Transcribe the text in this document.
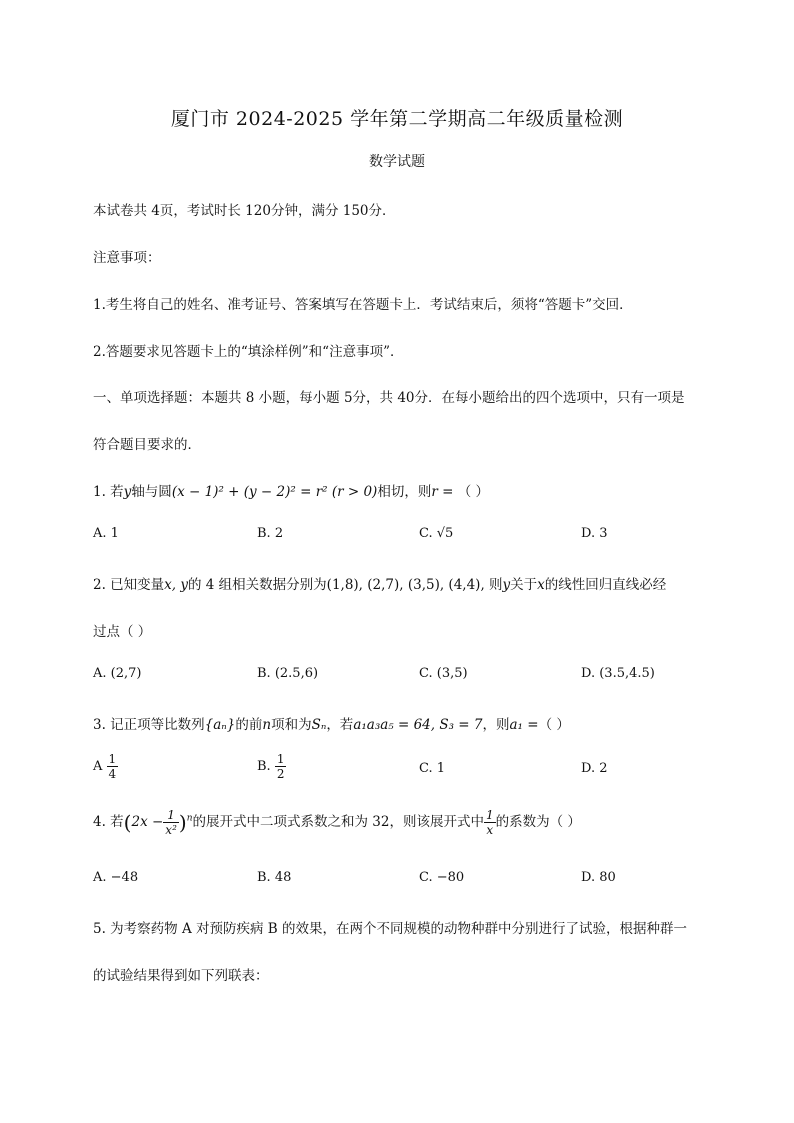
厦门市 2024-2025 学年第二学期高二年级质量检测
数学试题
本试卷共 4页，考试时长 120分钟，满分 150分．
注意事项：
1.考生将自己的姓名、准考证号、答案填写在答题卡上．考试结束后，须将“答题卡”交回．
2.答题要求见答题卡上的“填涂样例”和“注意事项”．
一、单项选择题：本题共 8 小题，每小题 5分，共 40分．在每小题给出的四个选项中，只有一项是
符合题目要求的．
1. 若y轴与圆(x − 1)² + (y − 2)² = r² (r > 0)相切，则r = （ ）
A. 1	B. 2	C. √5	D. 3
2. 已知变量x, y的 4 组相关数据分别为(1,8), (2,7), (3,5), (4,4), 则y关于x的线性回归直线必经
过点（ ）
A. (2,7)	B. (2.5,6)	C. (3,5)	D. (3.5,4.5)
3. 记正项等比数列{aₙ}的前n项和为Sₙ，若a₁a₃a₅ = 64, S₃ = 7，则a₁ =（ ）
A $\frac{1}{4}$	B. $\frac{1}{2}$	C. 1	D. 2
4. 若$(2x - \frac{1}{\text{x²}} )^n$的展开式中二项式系数之和为 32，则该展开式中 $\frac{1}{x}$ 的系数为（ ）
A. −48	B. 48	C. −80	D. 80
5. 为考察药物 A 对预防疾病 B 的效果，在两个不同规模的动物种群中分别进行了试验，根据种群一
的试验结果得到如下列联表：
